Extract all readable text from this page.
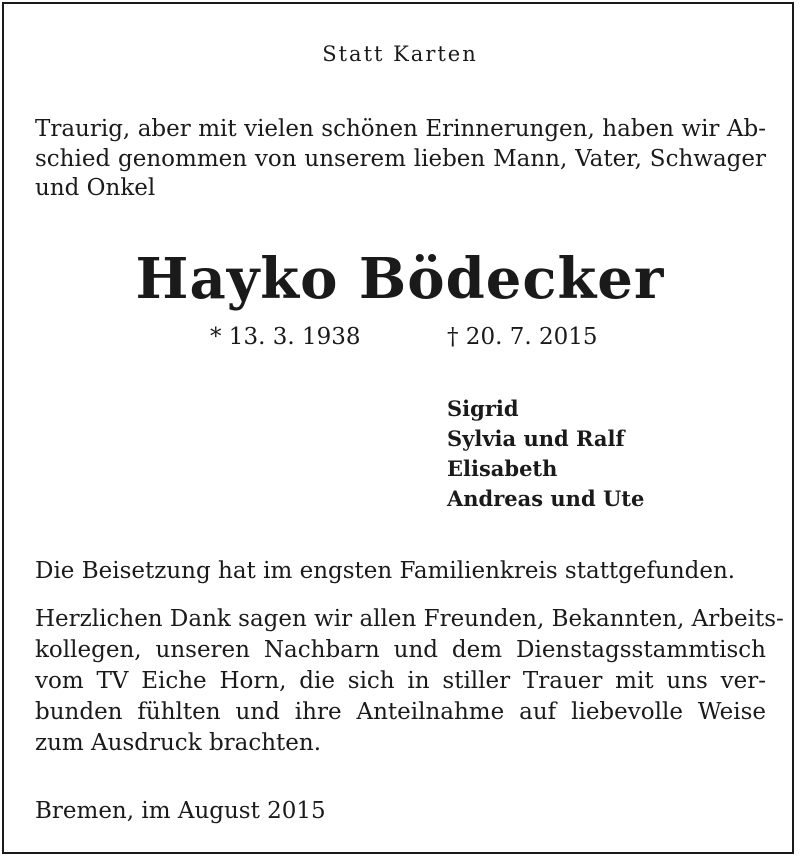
Statt Karten
Traurig, aber mit vielen schönen Erinnerungen, haben wir Ab-
schied genommen von unserem lieben Mann, Vater, Schwager
und Onkel
Hayko Bödecker
* 13. 3. 1938	† 20. 7. 2015
Sigrid
Sylvia und Ralf
Elisabeth
Andreas und Ute
Die Beisetzung hat im engsten Familienkreis stattgefunden.
Herzlichen Dank sagen wir allen Freunden, Bekannten, Arbeits-
kollegen, unseren Nachbarn und dem Dienstagsstammtisch
vom TV Eiche Horn, die sich in stiller Trauer mit uns ver-
bunden fühlten und ihre Anteilnahme auf liebevolle Weise
zum Ausdruck brachten.
Bremen, im August 2015
